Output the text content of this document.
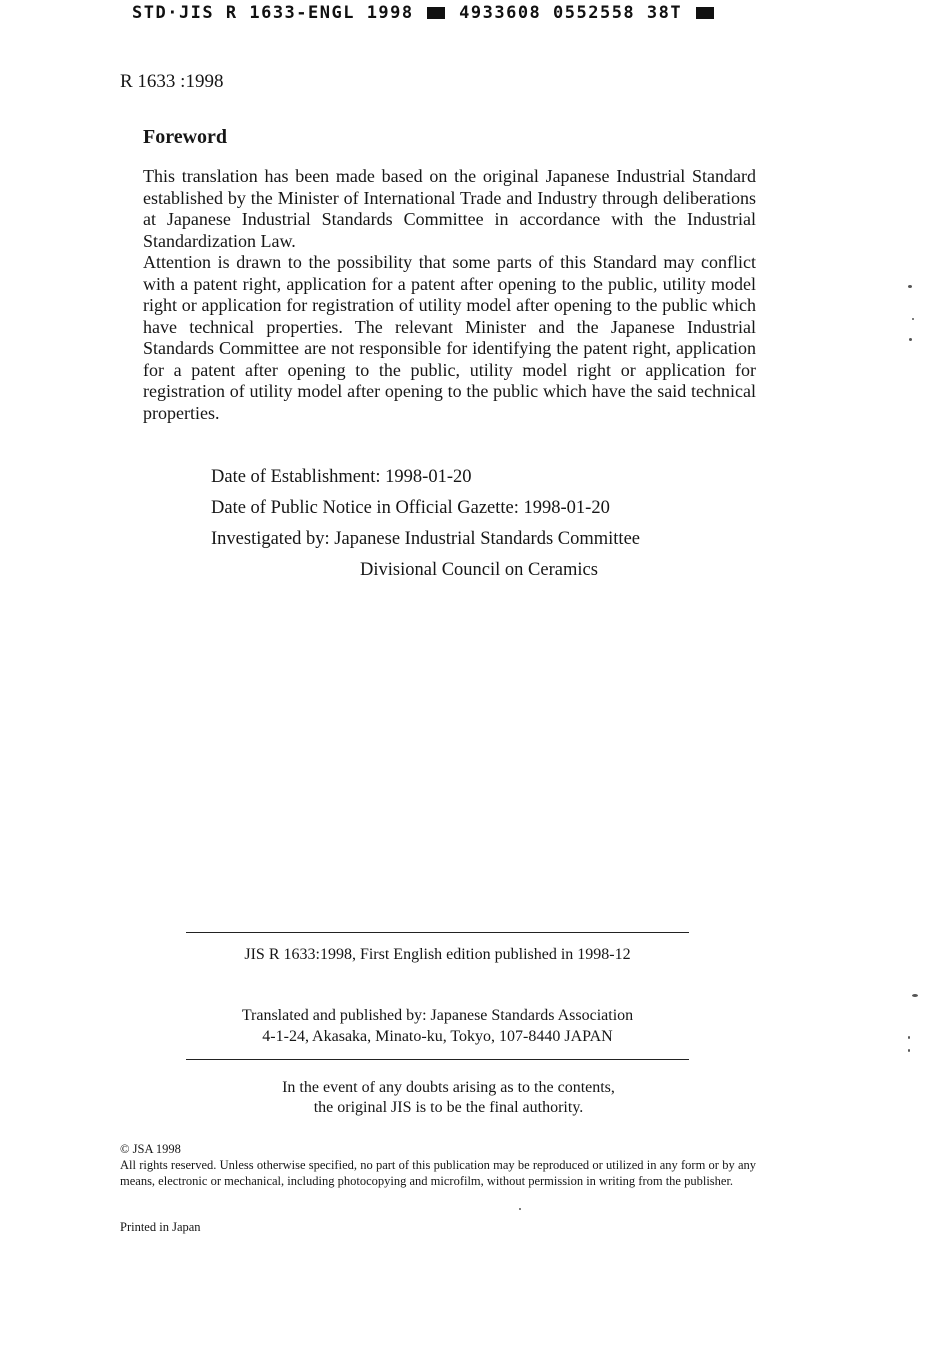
STD·JIS R 1633-ENGL 1998	4933608 0552558 38T
R 1633 :1998
Foreword

This translation has been made based on the original Japanese Industrial Standard established by the Minister of International Trade and Industry through deliberations at Japanese Industrial Standards Committee in accordance with the Industrial Standardization Law.

Attention is drawn to the possibility that some parts of this Standard may conflict with a patent right, application for a patent after opening to the public, utility model right or application for registration of utility model after opening to the public which have technical properties. The relevant Minister and the Japanese Industrial Standards Committee are not responsible for identifying the patent right, application for a patent after opening to the public, utility model right or application for registration of utility model after opening to the public which have the said technical properties.

Date of Establishment: 1998-01-20
Date of Public Notice in Official Gazette: 1998-01-20
Investigated by: Japanese Industrial Standards Committee
Divisional Council on Ceramics
JIS R 1633:1998, First English edition published in 1998-12
Translated and published by: Japanese Standards Association
4-1-24, Akasaka, Minato-ku, Tokyo, 107-8440 JAPAN
In the event of any doubts arising as to the contents,
the original JIS is to be the final authority.
© JSA 1998
All rights reserved. Unless otherwise specified, no part of this publication may be reproduced or utilized in any form or by any means, electronic or mechanical, including photocopying and microfilm, without permission in writing from the publisher.
Printed in Japan
